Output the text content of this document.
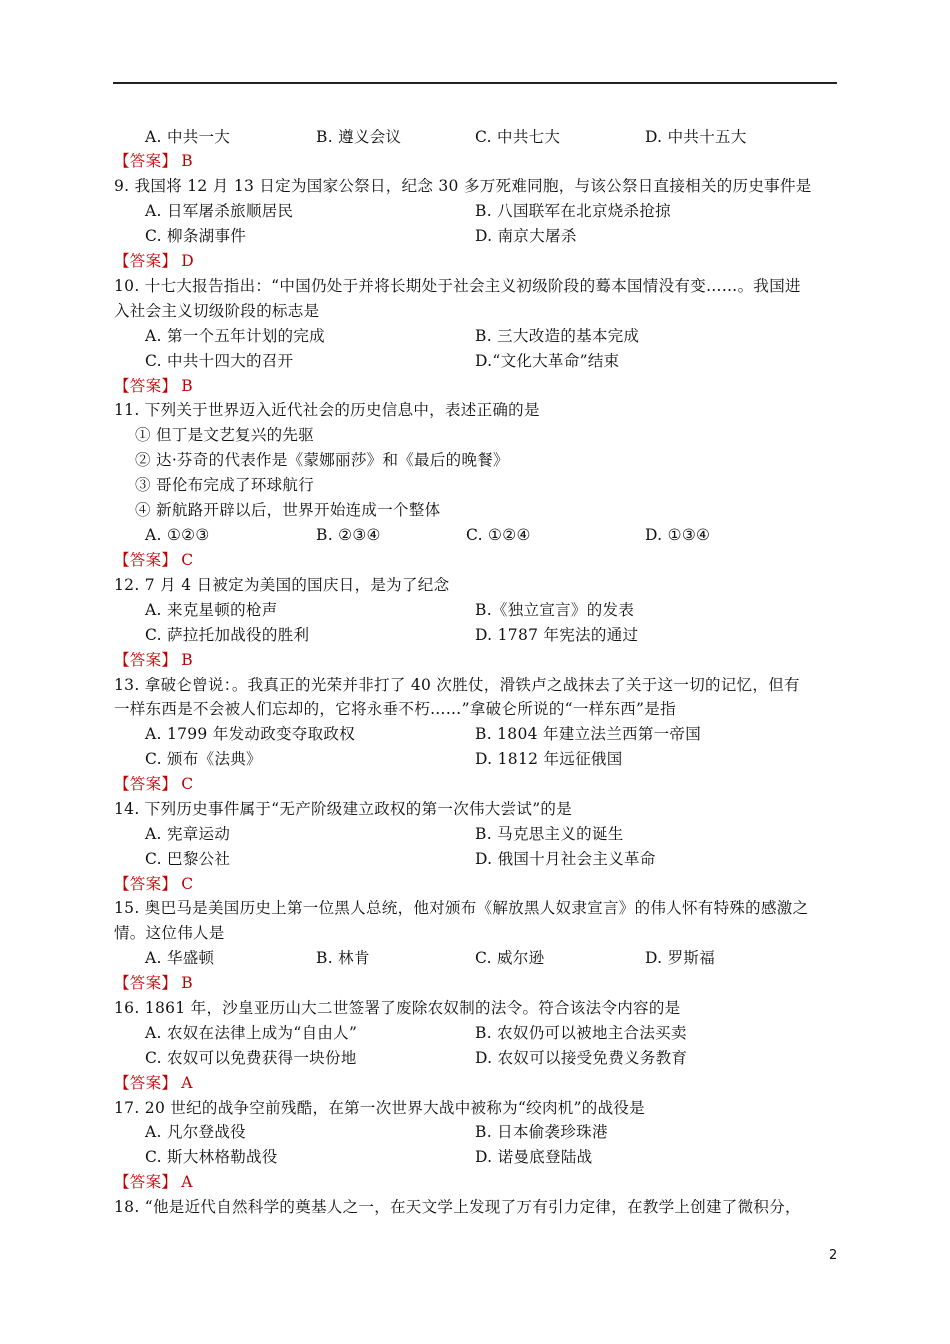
A. 中共一大	B. 遵义会议	C. 中共七大	D. 中共十五大
【答案】 B
9. 我国将 12 月 13 日定为国家公祭日，纪念 30 多万死难同胞，与该公祭日直接相关的历史事件是
A. 日军屠杀旅顺居民	B. 八国联军在北京烧杀抢掠
C. 柳条湖事件	D. 南京大屠杀
【答案】 D
10. 十七大报告指出：“中国仍处于并将长期处于社会主义初级阶段的蓦本国情没有变……。我国进
入社会主义切级阶段的标志是
A. 第一个五年计划的完成	B. 三大改造的基本完成
C. 中共十四大的召开	D.“文化大革命”结束
【答案】 B
11. 下列关于世界迈入近代社会的历史信息中，表述正确的是
① 但丁是文艺复兴的先驱
② 达·芬奇的代表作是《蒙娜丽莎》和《最后的晚餐》
③ 哥伦布完成了环球航行
④ 新航路开辟以后，世界开始连成一个整体
A. ①②③	B. ②③④	C. ①②④	D. ①③④
【答案】 C
12. 7 月 4 日被定为美国的国庆日，是为了纪念
A. 来克星顿的枪声	B.《独立宣言》的发表
C. 萨拉托加战役的胜利	D. 1787 年宪法的通过
【答案】 B
13. 拿破仑曾说：。我真正的光荣并非打了 40 次胜仗，滑铁卢之战抹去了关于这一切的记忆，但有
一样东西是不会被人们忘却的，它将永垂不朽……”拿破仑所说的“一样东西”是指
A. 1799 年发动政变夺取政权	B. 1804 年建立法兰西第一帝国
C. 颁布《法典》	D. 1812 年远征俄国
【答案】 C
14. 下列历史事件属于“无产阶级建立政权的第一次伟大尝试”的是
A. 宪章运动	B. 马克思主义的诞生
C. 巴黎公社	D. 俄国十月社会主义革命
【答案】 C
15. 奥巴马是美国历史上第一位黑人总统，他对颁布《解放黑人奴隶宣言》的伟人怀有特殊的感激之
情。这位伟人是
A. 华盛顿	B. 林肯	C. 威尔逊	D. 罗斯福
【答案】 B
16. 1861 年，沙皇亚历山大二世签署了废除农奴制的法令。符合该法令内容的是
A. 农奴在法律上成为“自由人”	B. 农奴仍可以被地主合法买卖
C. 农奴可以免费获得一块份地	D. 农奴可以接受免费义务教育
【答案】 A
17. 20 世纪的战争空前残酷，在第一次世界大战中被称为“绞肉机”的战役是
A. 凡尔登战役	B. 日本偷袭珍珠港
C. 斯大林格勒战役	D. 诺曼底登陆战
【答案】 A
18. “他是近代自然科学的奠基人之一，在天文学上发现了万有引力定律，在教学上创建了微积分，
2
